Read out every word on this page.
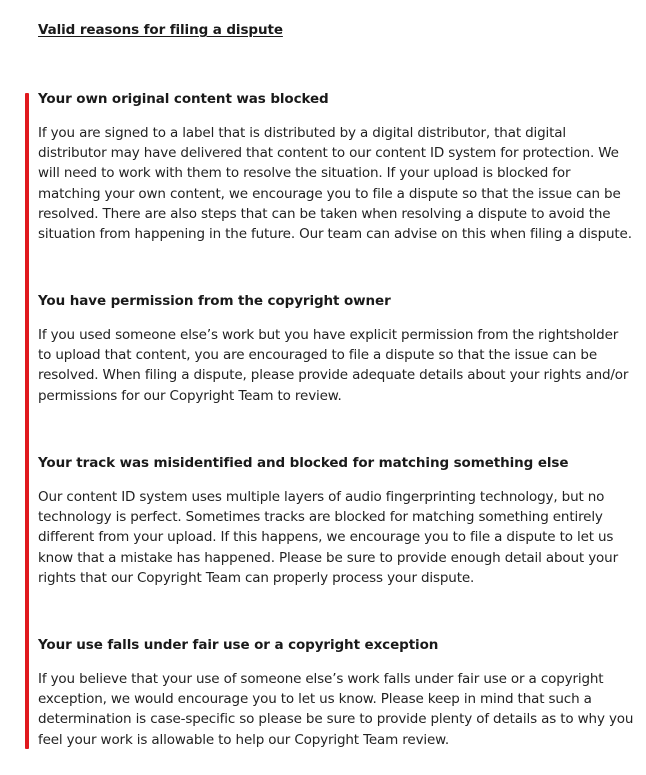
Valid reasons for filing a dispute
Your own original content was blocked

If you are signed to a label that is distributed by a digital distributor, that digital distributor may have delivered that content to our content ID system for protection. We will need to work with them to resolve the situation. If your upload is blocked for matching your own content, we encourage you to file a dispute so that the issue can be resolved. There are also steps that can be taken when resolving a dispute to avoid the situation from happening in the future. Our team can advise on this when filing a dispute.

You have permission from the copyright owner

If you used someone else’s work but you have explicit permission from the rightsholder to upload that content, you are encouraged to file a dispute so that the issue can be resolved. When filing a dispute, please provide adequate details about your rights and/or permissions for our Copyright Team to review.

Your track was misidentified and blocked for matching something else

Our content ID system uses multiple layers of audio fingerprinting technology, but no technology is perfect. Sometimes tracks are blocked for matching something entirely different from your upload. If this happens, we encourage you to file a dispute to let us know that a mistake has happened. Please be sure to provide enough detail about your rights that our Copyright Team can properly process your dispute.

Your use falls under fair use or a copyright exception

If you believe that your use of someone else’s work falls under fair use or a copyright exception, we would encourage you to let us know. Please keep in mind that such a determination is case-specific so please be sure to provide plenty of details as to why you feel your work is allowable to help our Copyright Team review.
